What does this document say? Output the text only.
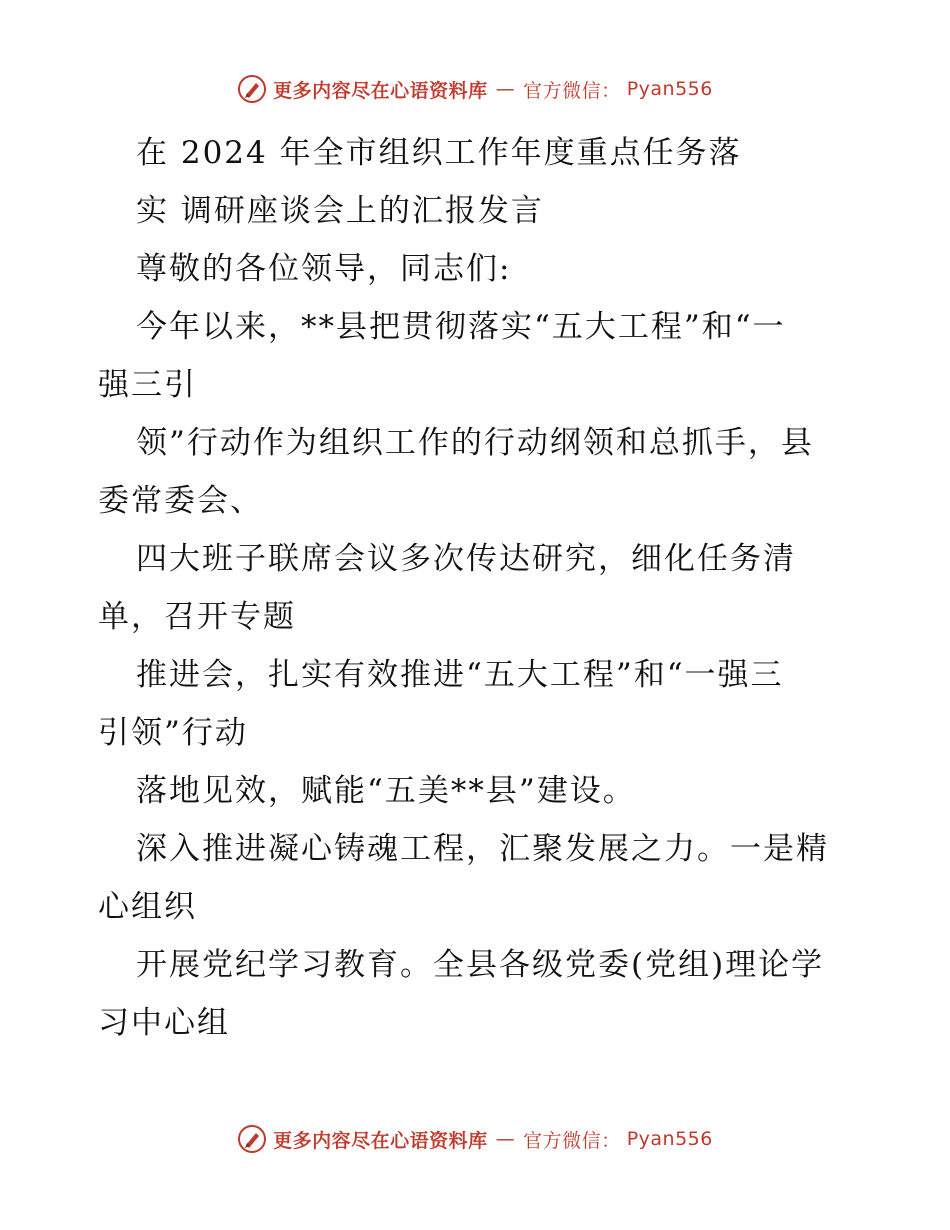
更多内容尽在心语资料库 — 官方微信： Pyan556
在 2024 年全市组织工作年度重点任务落
实 调研座谈会上的汇报发言
尊敬的各位领导，同志们:
今年以来，**县把贯彻落实“五大工程”和“一
强三引
领”行动作为组织工作的行动纲领和总抓手，县
委常委会、
四大班子联席会议多次传达研究，细化任务清
单，召开专题
推进会，扎实有效推进“五大工程”和“一强三
引领”行动
落地见效，赋能“五美**县”建设。
深入推进凝心铸魂工程，汇聚发展之力。一是精
心组织
开展党纪学习教育。全县各级党委(党组)理论学
习中心组
更多内容尽在心语资料库 — 官方微信： Pyan556
